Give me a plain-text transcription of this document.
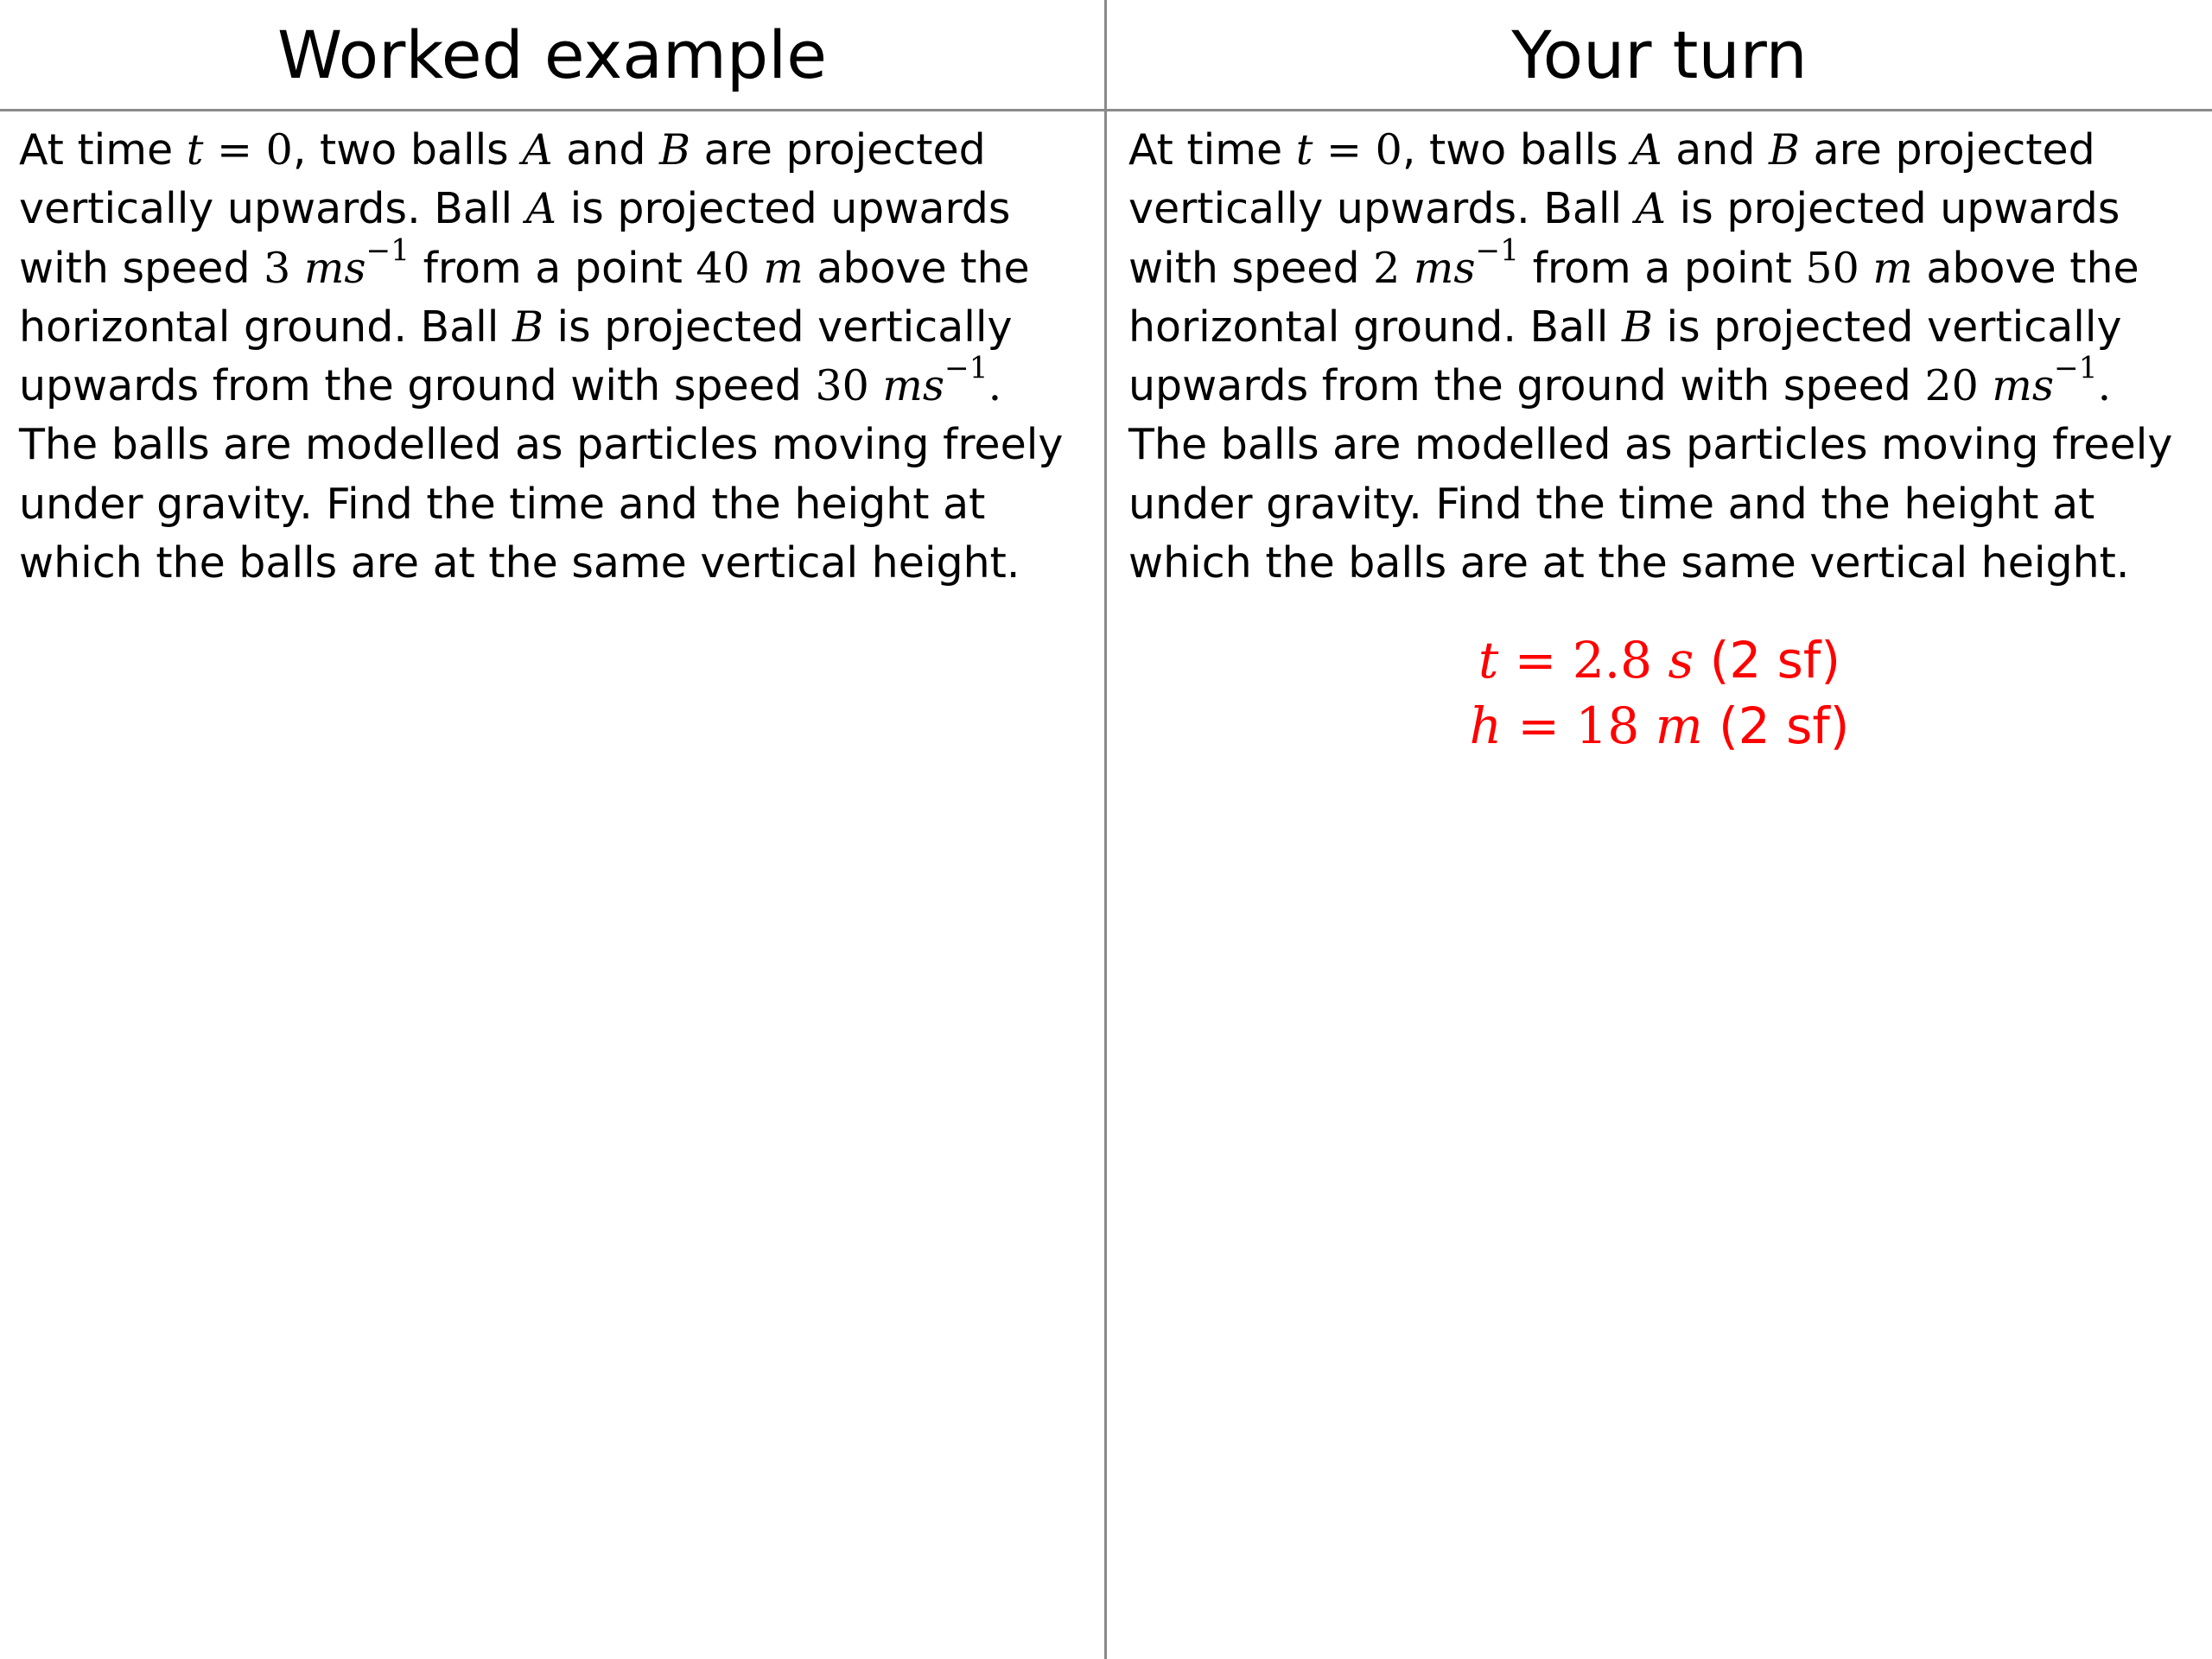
Worked example	Your turn
At time t = 0, two balls A and B are projected
vertically upwards. Ball A is projected upwards
with speed 3 $ms^{-1}$ from a point 40 m above the
horizontal ground. Ball B is projected vertically
upwards from the ground with speed 30 $ms^{-1}$.
The balls are modelled as particles moving freely
under gravity. Find the time and the height at
which the balls are at the same vertical height.
At time t = 0, two balls A and B are projected
vertically upwards. Ball A is projected upwards
with speed 2 $ms^{-1}$ from a point 50 m above the
horizontal ground. Ball B is projected vertically
upwards from the ground with speed 20 $ms^{-1}$.
The balls are modelled as particles moving freely
under gravity. Find the time and the height at
which the balls are at the same vertical height.
t = 2.8 s (2 sf)
h = 18 m (2 sf)
